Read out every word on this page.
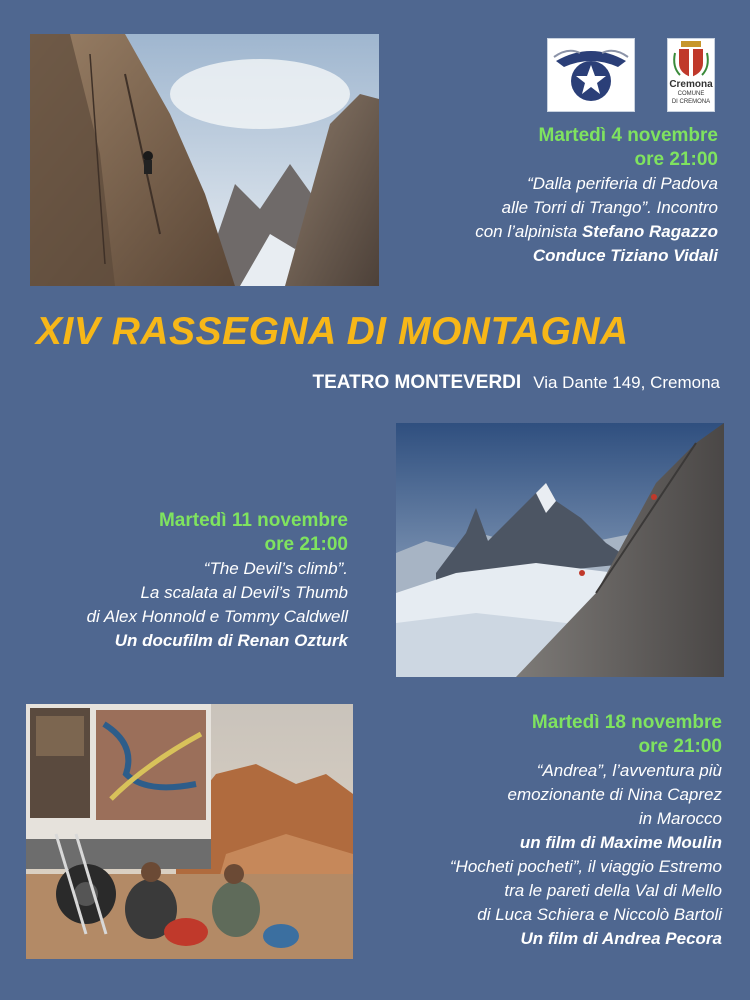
Cremona
COMUNE
DI CREMONA
Martedì 4 novembre
ore 21:00
“Dalla periferia di Padova
alle Torri di Trango”. Incontro
con l’alpinista Stefano Ragazzo
Conduce Tiziano Vidali
XIV RASSEGNA DI MONTAGNA
TEATRO MONTEVERDI Via Dante 149, Cremona
Martedì 11 novembre
ore 21:00
“The Devil’s climb”.
La scalata al Devil’s Thumb
di Alex Honnold e Tommy Caldwell
Un docufilm di Renan Ozturk
Martedì 18 novembre
ore 21:00
“Andrea”, l’avventura più
emozionante di Nina Caprez
in Marocco
un film di Maxime Moulin
“Hocheti pocheti”, il viaggio Estremo
tra le pareti della Val di Mello
di Luca Schiera e Niccolò Bartoli
Un film di Andrea Pecora
